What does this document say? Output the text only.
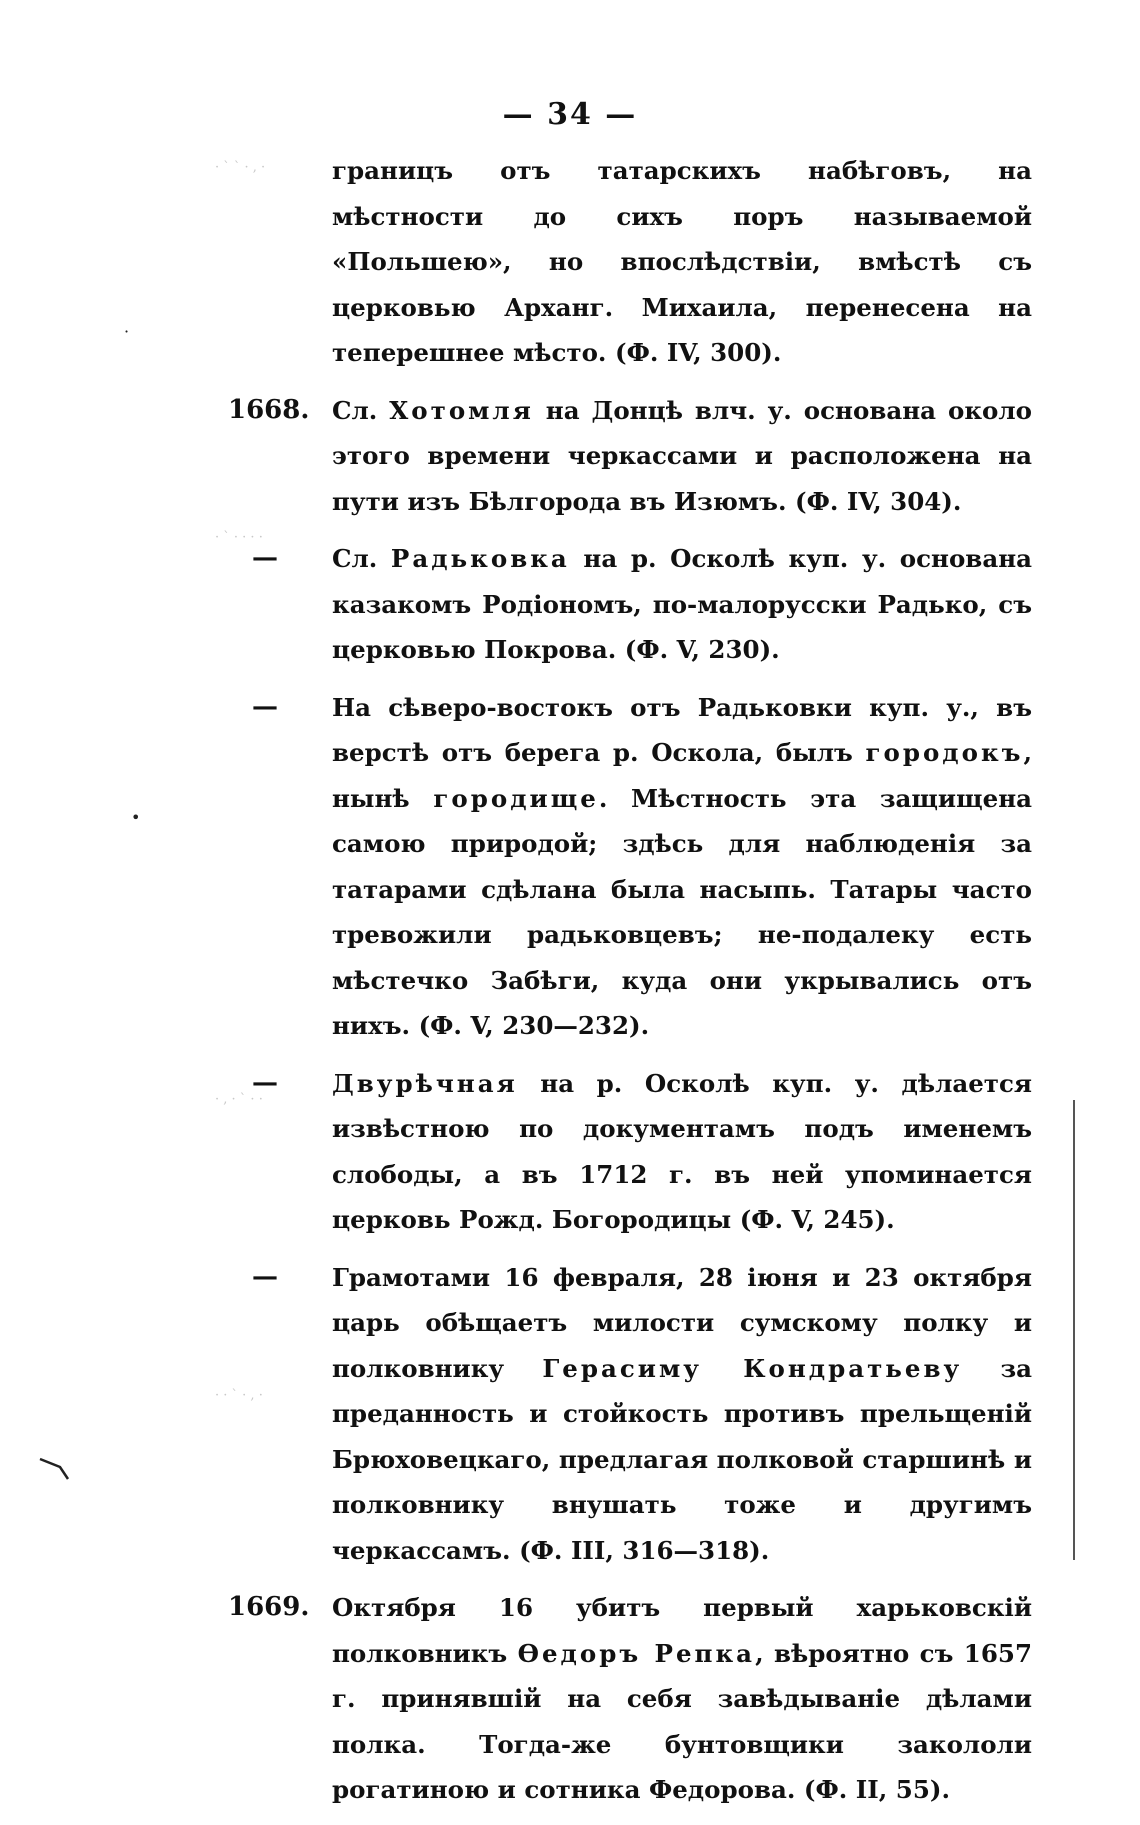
— 34 —
· ` ` · , ·
· ` · · · ·
· , · ` · ·
· · ` · , ·
·
•
границъ отъ татарскихъ набѣговъ, на мѣстности до сихъ поръ называемой «Польшею», но впослѣдствіи, вмѣстѣ съ церковью Арханг. Михаила, перенесена на теперешнее мѣсто. (Ф. IV, 300).
1668. Сл. Хотомля на Донцѣ влч. у. основана около этого времени черкассами и расположена на пути изъ Бѣлгорода въ Изюмъ. (Ф. IV, 304).
—	Сл. Радьковка на р. Осколѣ куп. у. основана казакомъ Родіономъ, по-малорусски Радько, съ церковью Покрова. (Ф. V, 230).
—	На сѣверо-востокъ отъ Радьковки куп. у., въ верстѣ отъ берега р. Оскола, былъ городокъ, нынѣ городище. Мѣстность эта защищена самою природой; здѣсь для наблюденія за татарами сдѣлана была насыпь. Татары часто тревожили радьковцевъ; не-подалеку есть мѣстечко Забѣги, куда они укрывались отъ нихъ. (Ф. V, 230—232).
—	Двурѣчная на р. Осколѣ куп. у. дѣлается извѣстною по документамъ подъ именемъ слободы, а въ 1712 г. въ ней упоминается церковь Рожд. Богородицы (Ф. V, 245).
—	Грамотами 16 февраля, 28 іюня и 23 октября царь обѣщаетъ милости сумскому полку и полковнику Герасиму Кондратьеву за преданность и стойкость противъ прельщеній Брюховецкаго, предлагая полковой старшинѣ и полковнику внушать тоже и другимъ черкассамъ. (Ф. III, 316—318).
1669. Октября 16 убитъ первый харьковскій полковникъ Өедоръ Репка, вѣроятно съ 1657 г. принявшій на себя завѣдываніе дѣлами полка. Тогда-же бунтовщики закололи рогатиною и сотника Федорова. (Ф. II, 55).
